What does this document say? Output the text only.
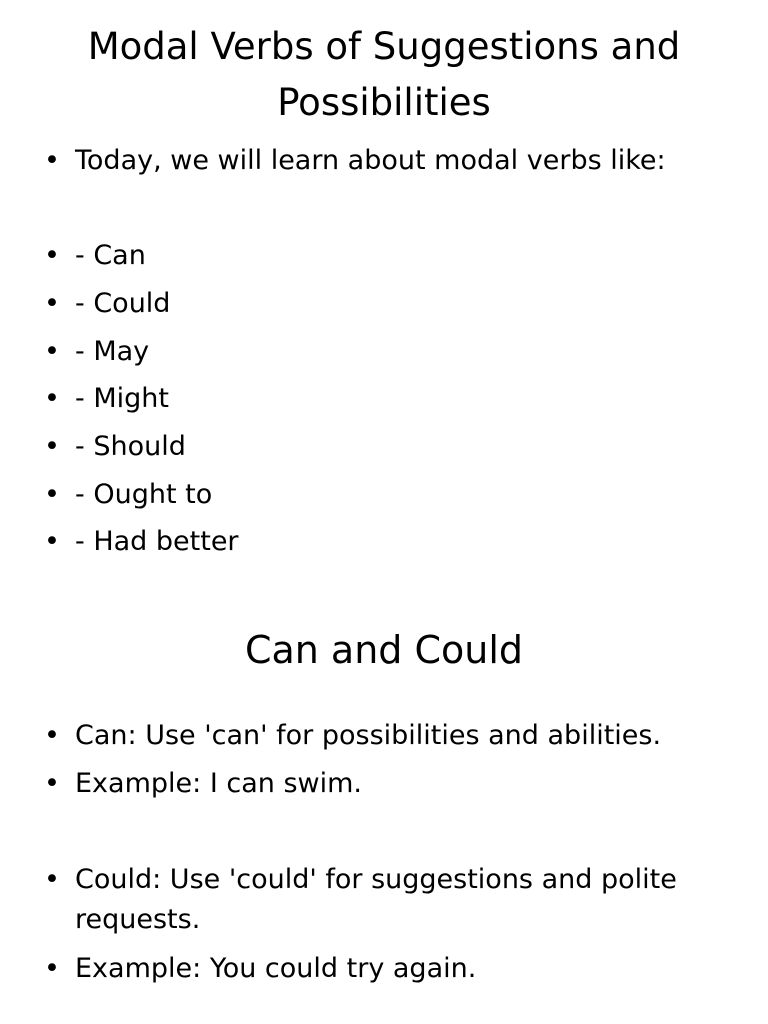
Modal Verbs of Suggestions and Possibilities
• Today, we will learn about modal verbs like:
• - Can
• - Could
• - May
• - Might
• - Should
• - Ought to
• - Had better
Can and Could
• Can: Use 'can' for possibilities and abilities.
• Example: I can swim.
• Could: Use 'could' for suggestions and polite requests.
• Example: You could try again.
